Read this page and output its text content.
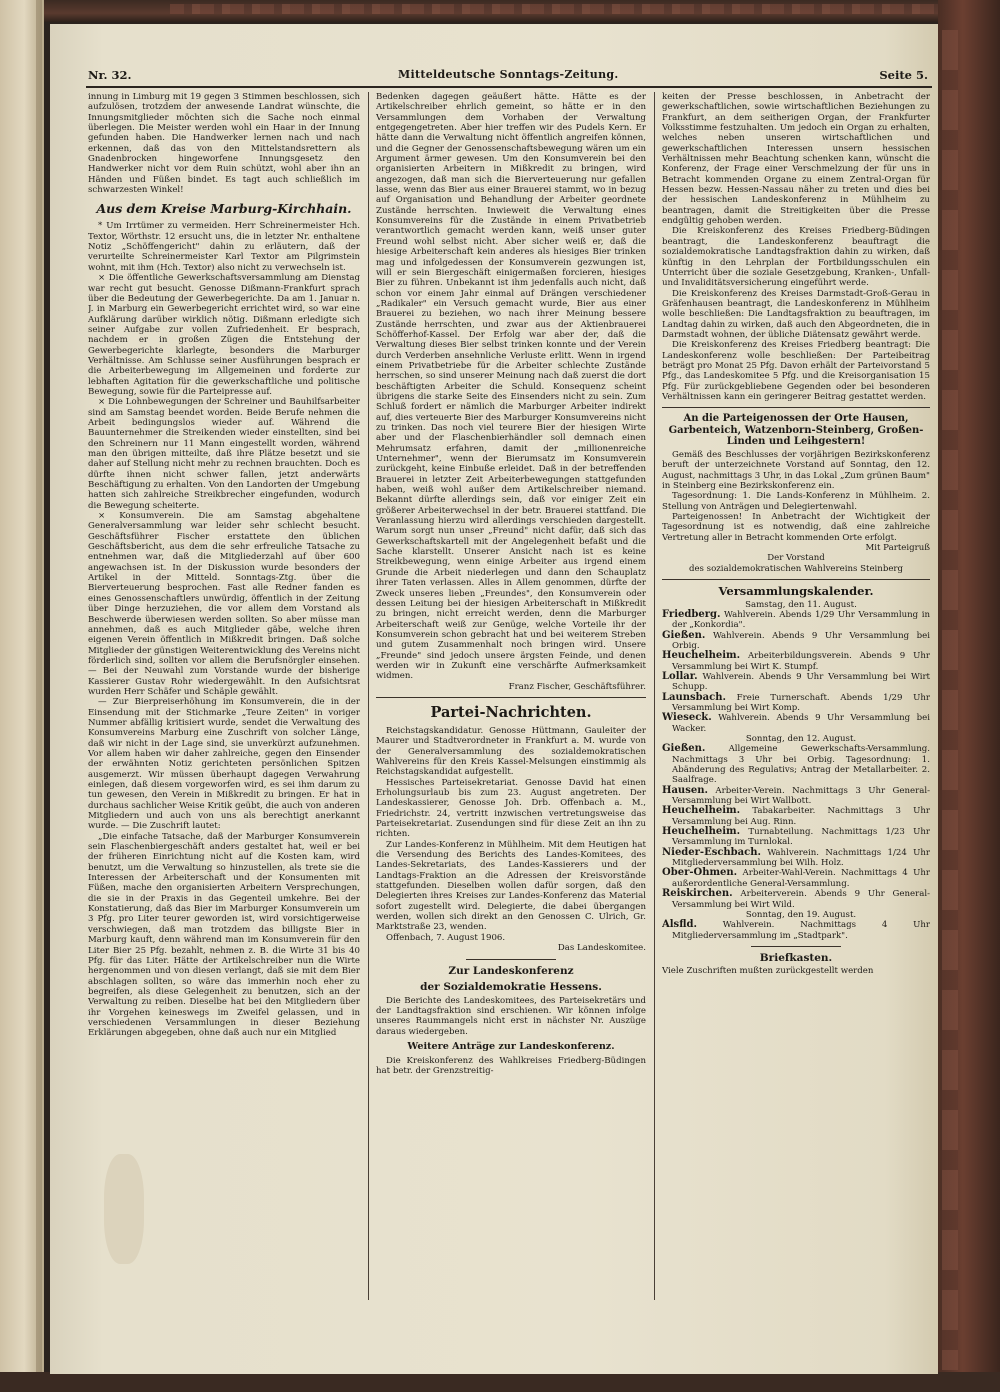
Nr. 32.	Mitteldeutsche Sonntags-Zeitung.	Seite 5.

innung in Limburg mit 19 gegen 3 Stimmen beschlossen, sich aufzulösen, trotzdem der anwesende Landrat wünschte, die Innungsmitglieder möchten sich die Sache noch einmal überlegen. Die Meister werden wohl ein Haar in der Innung gefunden haben. Die Handwerker lernen nach und nach erkennen, daß das von den Mittelstandsrettern als Gnadenbrocken hingeworfene Innungsgesetz den Handwerker nicht vor dem Ruin schützt, wohl aber ihn an Händen und Füßen bindet. Es tagt auch schließlich im schwarzesten Winkel!

Aus dem Kreise Marburg-Kirchhain.

* Um Irrtümer zu vermeiden. Herr Schreinermeister Hch. Textor, Wörthstr. 12 ersucht uns, die in letzter Nr. enthaltene Notiz „Schöffengericht" dahin zu erläutern, daß der verurteilte Schreinermeister Karl Textor am Pilgrimstein wohnt, mit ihm (Hch. Textor) also nicht zu verwechseln ist.

× Die öffentliche Gewerkschaftsversammlung am Dienstag war recht gut besucht. Genosse Dißmann-Frankfurt sprach über die Bedeutung der Gewerbegerichte. Da am 1. Januar n. J. in Marburg ein Gewerbegericht errichtet wird, so war eine Aufklärung darüber wirklich nötig. Dißmann erledigte sich seiner Aufgabe zur vollen Zufriedenheit. Er besprach, nachdem er in großen Zügen die Entstehung der Gewerbegerichte klarlegte, besonders die Marburger Verhältnisse. Am Schlusse seiner Ausführungen besprach er die Arbeiterbewegung im Allgemeinen und forderte zur lebhaften Agitation für die gewerkschaftliche und politische Bewegung, sowie für die Parteipresse auf.

× Die Lohnbewegungen der Schreiner und Bauhilfsarbeiter sind am Samstag beendet worden. Beide Berufe nehmen die Arbeit bedingungslos wieder auf. Während die Bauunternehmer die Streikenden wieder einstellten, sind bei den Schreinern nur 11 Mann eingestellt worden, während man den übrigen mitteilte, daß ihre Plätze besetzt und sie daher auf Stellung nicht mehr zu rechnen brauchten. Doch es dürfte ihnen nicht schwer fallen, jetzt anderwärts Beschäftigung zu erhalten. Von den Landorten der Umgebung hatten sich zahlreiche Streikbrecher eingefunden, wodurch die Bewegung scheiterte.

× Konsumverein. Die am Samstag abgehaltene Generalversammlung war leider sehr schlecht besucht. Geschäftsführer Fischer erstattete den üblichen Geschäftsbericht, aus dem die sehr erfreuliche Tatsache zu entnehmen war, daß die Mitgliederzahl auf über 600 angewachsen ist. In der Diskussion wurde besonders der Artikel in der Mitteld. Sonntags-Ztg. über die Bierverteuerung besprochen. Fast alle Redner fanden es eines Genossenschaftlers unwürdig, öffentlich in der Zeitung über Dinge herzuziehen, die vor allem dem Vorstand als Beschwerde überwiesen werden sollten. So aber müsse man annehmen, daß es auch Mitglieder gäbe, welche ihren eigenen Verein öffentlich in Mißkredit bringen. Daß solche Mitglieder der günstigen Weiterentwicklung des Vereins nicht förderlich sind, sollten vor allem die Berufsnörgler einsehen. — Bei der Neuwahl zum Vorstande wurde der bisherige Kassierer Gustav Rohr wiedergewählt. In den Aufsichtsrat wurden Herr Schäfer und Schäple gewählt.

— Zur Bierpreiserhöhung im Konsumverein, die in der Einsendung mit der Stichmarke „Teure Zeiten" in voriger Nummer abfällig kritisiert wurde, sendet die Verwaltung des Konsumvereins Marburg eine Zuschrift von solcher Länge, daß wir nicht in der Lage sind, sie unverkürzt aufzunehmen. Vor allem haben wir daher zahlreiche, gegen den Einsender der erwähnten Notiz gerichteten persönlichen Spitzen ausgemerzt. Wir müssen überhaupt dagegen Verwahrung einlegen, daß diesem vorgeworfen wird, es sei ihm darum zu tun gewesen, den Verein in Mißkredit zu bringen. Er hat in durchaus sachlicher Weise Kritik geübt, die auch von anderen Mitgliedern und auch von uns als berechtigt anerkannt wurde. — Die Zuschrift lautet:

„Die einfache Tatsache, daß der Marburger Konsumverein sein Flaschenbiergeschäft anders gestaltet hat, weil er bei der früheren Einrichtung nicht auf die Kosten kam, wird benutzt, um die Verwaltung so hinzustellen, als trete sie die Interessen der Arbeiterschaft und der Konsumenten mit Füßen, mache den organisierten Arbeitern Versprechungen, die sie in der Praxis in das Gegenteil umkehre. Bei der Konstatierung, daß das Bier im Marburger Konsumverein um 3 Pfg. pro Liter teurer geworden ist, wird vorsichtigerweise verschwiegen, daß man trotzdem das billigste Bier in Marburg kauft, denn während man im Konsumverein für den Liter Bier 25 Pfg. bezahlt, nehmen z. B. die Wirte 31 bis 40 Pfg. für das Liter. Hätte der Artikelschreiber nun die Wirte hergenommen und von diesen verlangt, daß sie mit dem Bier abschlagen sollten, so wäre das immerhin noch eher zu begreifen, als diese Gelegenheit zu benutzen, sich an der Verwaltung zu reiben. Dieselbe hat bei den Mitgliedern über ihr Vorgehen keineswegs im Zweifel gelassen, und in verschiedenen Versammlungen in dieser Beziehung Erklärungen abgegeben, ohne daß auch nur ein Mitglied

Bedenken dagegen geäußert hätte. Hätte es der Artikelschreiber ehrlich gemeint, so hätte er in den Versammlungen dem Vorhaben der Verwaltung entgegengetreten. Aber hier treffen wir des Pudels Kern. Er hätte dann die Verwaltung nicht öffentlich angreifen können, und die Gegner der Genossenschaftsbewegung wären um ein Argument ärmer gewesen. Um den Konsumverein bei den organisierten Arbeitern in Mißkredit zu bringen, wird angezogen, daß man sich die Bierverteuerung nur gefallen lasse, wenn das Bier aus einer Brauerei stammt, wo in bezug auf Organisation und Behandlung der Arbeiter geordnete Zustände herrschten. Inwieweit die Verwaltung eines Konsumvereins für die Zustände in einem Privatbetrieb verantwortlich gemacht werden kann, weiß unser guter Freund wohl selbst nicht. Aber sicher weiß er, daß die hiesige Arbeiterschaft kein anderes als hiesiges Bier trinken mag und infolgedessen der Konsumverein gezwungen ist, will er sein Biergeschäft einigermaßen forcieren, hiesiges Bier zu führen. Unbekannt ist ihm jedenfalls auch nicht, daß schon vor einem Jahr einmal auf Drängen verschiedener „Radikaler" ein Versuch gemacht wurde, Bier aus einer Brauerei zu beziehen, wo nach ihrer Meinung bessere Zustände herrschten, und zwar aus der Aktienbrauerei Schöfferhof-Kassel. Der Erfolg war aber der, daß die Verwaltung dieses Bier selbst trinken konnte und der Verein durch Verderben ansehnliche Verluste erlitt. Wenn in irgend einem Privatbetriebe für die Arbeiter schlechte Zustände herrschen, so sind unserer Meinung nach daß zuerst die dort beschäftigten Arbeiter die Schuld. Konsequenz scheint übrigens die starke Seite des Einsenders nicht zu sein. Zum Schluß fordert er nämlich die Marburger Arbeiter indirekt auf, dies verteuerte Bier des Marburger Konsumvereins nicht zu trinken. Das noch viel teurere Bier der hiesigen Wirte aber und der Flaschenbierhändler soll demnach einen Mehrumsatz erfahren, damit der „millionenreiche Unternehmer", wenn der Bierumsatz im Konsumverein zurückgeht, keine Einbuße erleidet. Daß in der betreffenden Brauerei in letzter Zeit Arbeiterbewegungen stattgefunden haben, weiß wohl außer dem Artikelschreiber niemand. Bekannt dürfte allerdings sein, daß vor einiger Zeit ein größerer Arbeiterwechsel in der betr. Brauerei stattfand. Die Veranlassung hierzu wird allerdings verschieden dargestellt. Warum sorgt nun unser „Freund" nicht dafür, daß sich das Gewerkschaftskartell mit der Angelegenheit befaßt und die Sache klarstellt. Unserer Ansicht nach ist es keine Streikbewegung, wenn einige Arbeiter aus irgend einem Grunde die Arbeit niederlegen und dann den Schauplatz ihrer Taten verlassen. Alles in Allem genommen, dürfte der Zweck unseres lieben „Freundes", den Konsumverein oder dessen Leitung bei der hiesigen Arbeiterschaft in Mißkredit zu bringen, nicht erreicht werden, denn die Marburger Arbeiterschaft weiß zur Genüge, welche Vorteile ihr der Konsumverein schon gebracht hat und bei weiterem Streben und gutem Zusammenhalt noch bringen wird. Unsere „Freunde" sind jedoch unsere ärgsten Feinde, und denen werden wir in Zukunft eine verschärfte Aufmerksamkeit widmen.

Franz Fischer, Geschäftsführer.
Partei-Nachrichten.

Reichstagskandidatur. Genosse Hüttmann, Gauleiter der Maurer und Stadtverordneter in Frankfurt a. M. wurde von der Generalversammlung des sozialdemokratischen Wahlvereins für den Kreis Kassel-Melsungen einstimmig als Reichstagskandidat aufgestellt.

Hessisches Parteisekretariat. Genosse David hat einen Erholungsurlaub bis zum 23. August angetreten. Der Landeskassierer, Genosse Joh. Drb. Offenbach a. M., Friedrichstr. 24, vertritt inzwischen vertretungsweise das Parteisekretariat. Zusendungen sind für diese Zeit an ihn zu richten.

Zur Landes-Konferenz in Mühlheim. Mit dem Heutigen hat die Versendung des Berichts des Landes-Komitees, des Landes-Sekretariats, des Landes-Kassierers und der Landtags-Fraktion an die Adressen der Kreisvorstände stattgefunden. Dieselben wollen dafür sorgen, daß den Delegierten ihres Kreises zur Landes-Konferenz das Material sofort zugestellt wird. Delegierte, die dabei übergangen werden, wollen sich direkt an den Genossen C. Ulrich, Gr. Marktstraße 23, wenden.

Offenbach, 7. August 1906.

Das Landeskomitee.
Zur Landeskonferenz
der Sozialdemokratie Hessens.

Die Berichte des Landeskomitees, des Parteisekretärs und der Landtagsfraktion sind erschienen. Wir können infolge unseres Raummangels nicht erst in nächster Nr. Auszüge daraus wiedergeben.

Weitere Anträge zur Landeskonferenz.

Die Kreiskonferenz des Wahlkreises Friedberg-Büdingen hat betr. der Grenzstreitig-

keiten der Presse beschlossen, in Anbetracht der gewerkschaftlichen, sowie wirtschaftlichen Beziehungen zu Frankfurt, an dem seitherigen Organ, der Frankfurter Volksstimme festzuhalten. Um jedoch ein Organ zu erhalten, welches neben unseren wirtschaftlichen und gewerkschaftlichen Interessen unsern hessischen Verhältnissen mehr Beachtung schenken kann, wünscht die Konferenz, der Frage einer Verschmelzung der für uns in Betracht kommenden Organe zu einem Zentral-Organ für Hessen bezw. Hessen-Nassau näher zu treten und dies bei der hessischen Landeskonferenz in Mühlheim zu beantragen, damit die Streitigkeiten über die Presse endgültig gehoben werden.

Die Kreiskonferenz des Kreises Friedberg-Büdingen beantragt, die Landeskonferenz beauftragt die sozialdemokratische Landtagsfraktion dahin zu wirken, daß künftig in den Lehrplan der Fortbildungsschulen ein Unterricht über die soziale Gesetzgebung, Kranken-, Unfall- und Invaliditätsversicherung eingeführt werde.

Die Kreiskonferenz des Kreises Darmstadt-Groß-Gerau in Gräfenhausen beantragt, die Landeskonferenz in Mühlheim wolle beschließen: Die Landtagsfraktion zu beauftragen, im Landtag dahin zu wirken, daß auch den Abgeordneten, die in Darmstadt wohnen, der übliche Diätensatz gewährt werde.

Die Kreiskonferenz des Kreises Friedberg beantragt: Die Landeskonferenz wolle beschließen: Der Parteibeitrag beträgt pro Monat 25 Pfg. Davon erhält der Parteivorstand 5 Pfg., das Landeskomitee 5 Pfg. und die Kreisorganisation 15 Pfg. Für zurückgebliebene Gegenden oder bei besonderen Verhältnissen kann ein geringerer Beitrag gestattet werden.

An die Parteigenossen der Orte Hausen, Garbenteich, Watzenborn-Steinberg, Großen-Linden und Leihgestern!

Gemäß des Beschlusses der vorjährigen Bezirkskonferenz beruft der unterzeichnete Vorstand auf Sonntag, den 12. August, nachmittags 3 Uhr, in das Lokal „Zum grünen Baum" in Steinberg eine Bezirkskonferenz ein.

Tagesordnung: 1. Die Lands-Konferenz in Mühlheim. 2. Stellung von Anträgen und Delegiertenwahl.

Parteigenossen! In Anbetracht der Wichtigkeit der Tagesordnung ist es notwendig, daß eine zahlreiche Vertretung aller in Betracht kommenden Orte erfolgt.

Mit Parteigruß
Der Vorstand
des sozialdemokratischen Wahlvereins Steinberg
Versammlungskalender.

Samstag, den 11. August.

Friedberg. Wahlverein. Abends 1/29 Uhr Versammlung in der „Konkordia".

Gießen. Wahlverein. Abends 9 Uhr Versammlung bei Orbig.

Heuchelheim. Arbeiterbildungsverein. Abends 9 Uhr Versammlung bei Wirt K. Stumpf.

Lollar. Wahlverein. Abends 9 Uhr Versammlung bei Wirt Schupp.

Launsbach. Freie Turnerschaft. Abends 1/29 Uhr Versammlung bei Wirt Komp.

Wieseck. Wahlverein. Abends 9 Uhr Versammlung bei Wacker.

Sonntag, den 12. August.

Gießen.	Allgemeine Gewerkschafts-Versammlung. Nachmittags 3 Uhr bei Orbig. Tagesordnung: 1. Abänderung des Regulativs; Antrag der Metallarbeiter. 2. Saalfrage.

Hausen. Arbeiter-Verein. Nachmittags 3 Uhr General-Versammlung bei Wirt Wallbott.

Heuchelheim. Tabakarbeiter. Nachmittags 3 Uhr Versammlung bei Aug. Rinn.

Heuchelheim. Turnabteilung. Nachmittags 1/23 Uhr Versammlung im Turnlokal.

Nieder-Eschbach. Wahlverein. Nachmittags 1/24 Uhr Mitgliederversammlung bei Wilh. Holz.

Ober-Ohmen. Arbeiter-Wahl-Verein. Nachmittags 4 Uhr außerordentliche General-Versammlung.

Reiskirchen. Arbeiterverein. Abends 9 Uhr General-Versammlung bei Wirt Wild.

Sonntag, den 19. August.

Alsfld.	Wahlverein. Nachmittags 4 Uhr Mitgliederversammlung im „Stadtpark".

Briefkasten.

Viele Zuschriften mußten zurückgestellt werden
